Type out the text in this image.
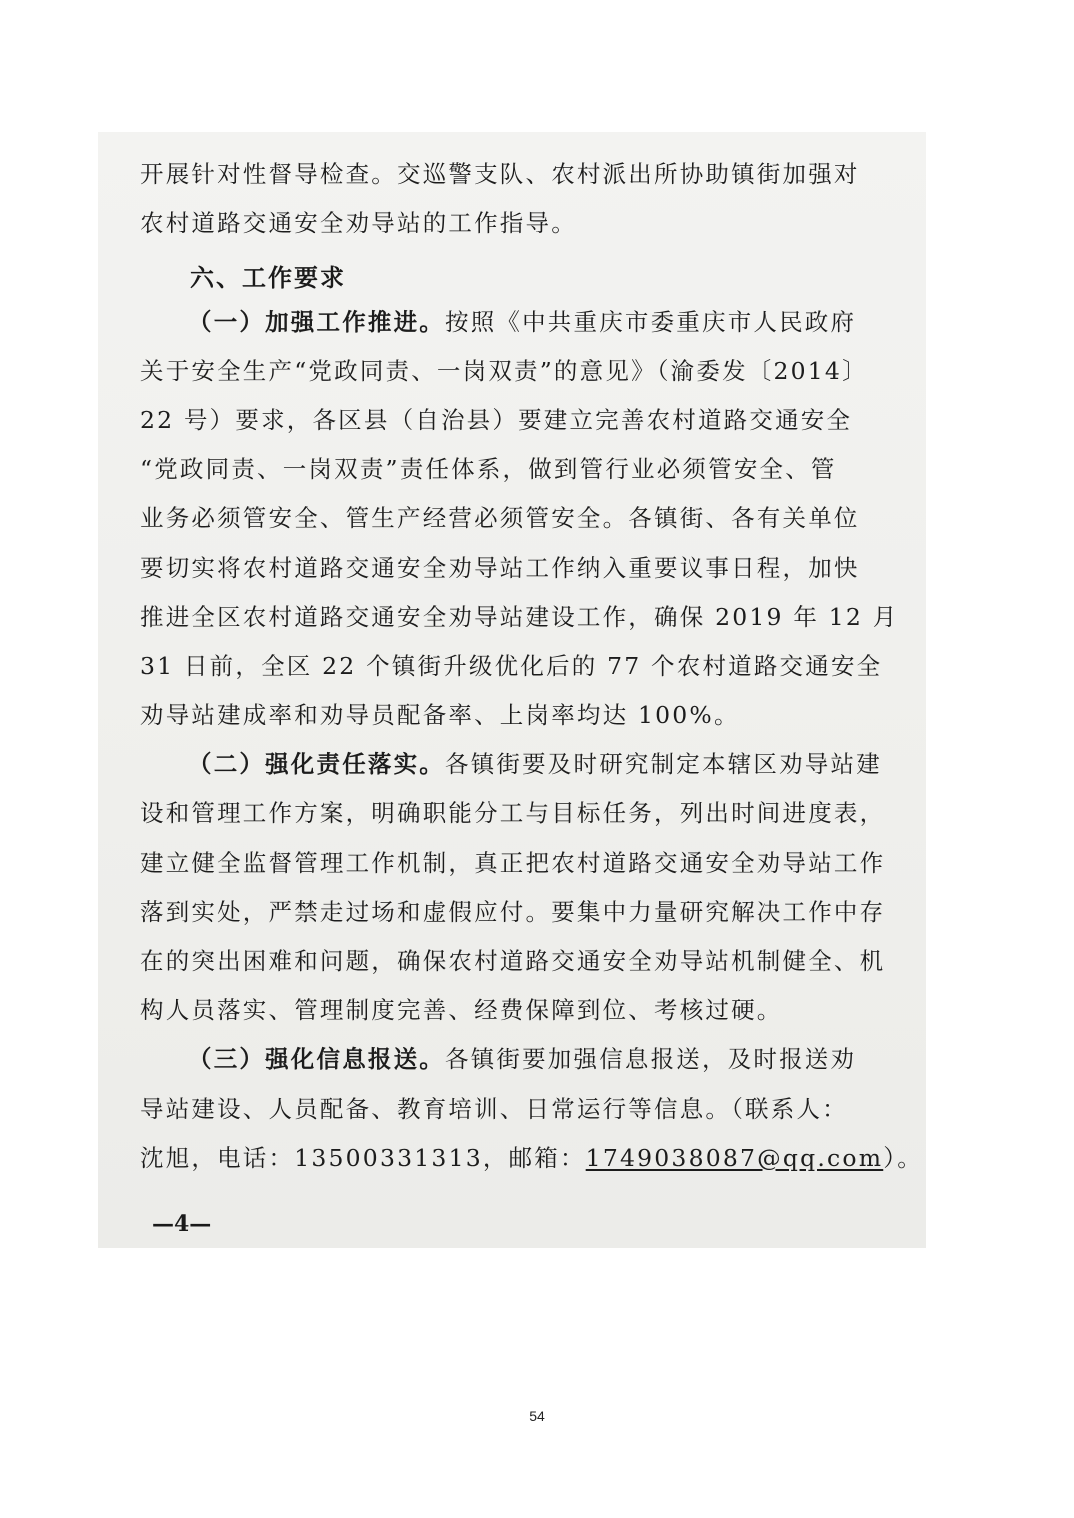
开展针对性督导检查。交巡警支队、农村派出所协助镇街加强对
农村道路交通安全劝导站的工作指导。
（一）加强工作推进。按照《中共重庆市委重庆市人民政府
关于安全生产“党政同责、一岗双责”的意见》（渝委发〔2014〕
22 号）要求，各区县（自治县）要建立完善农村道路交通安全
“党政同责、一岗双责”责任体系，做到管行业必须管安全、管
业务必须管安全、管生产经营必须管安全。各镇街、各有关单位
要切实将农村道路交通安全劝导站工作纳入重要议事日程，加快
推进全区农村道路交通安全劝导站建设工作，确保 2019 年 12 月
31 日前，全区 22 个镇街升级优化后的 77 个农村道路交通安全
劝导站建成率和劝导员配备率、上岗率均达 100%。
（二）强化责任落实。各镇街要及时研究制定本辖区劝导站建
设和管理工作方案，明确职能分工与目标任务，列出时间进度表，
建立健全监督管理工作机制，真正把农村道路交通安全劝导站工作
落到实处，严禁走过场和虚假应付。要集中力量研究解决工作中存
在的突出困难和问题，确保农村道路交通安全劝导站机制健全、机
构人员落实、管理制度完善、经费保障到位、考核过硬。
（三）强化信息报送。各镇街要加强信息报送，及时报送劝
导站建设、人员配备、教育培训、日常运行等信息。（联系人：
沈旭，电话：13500331313，邮箱：1749038087@qq.com）。
六、工作要求
—4—
54
